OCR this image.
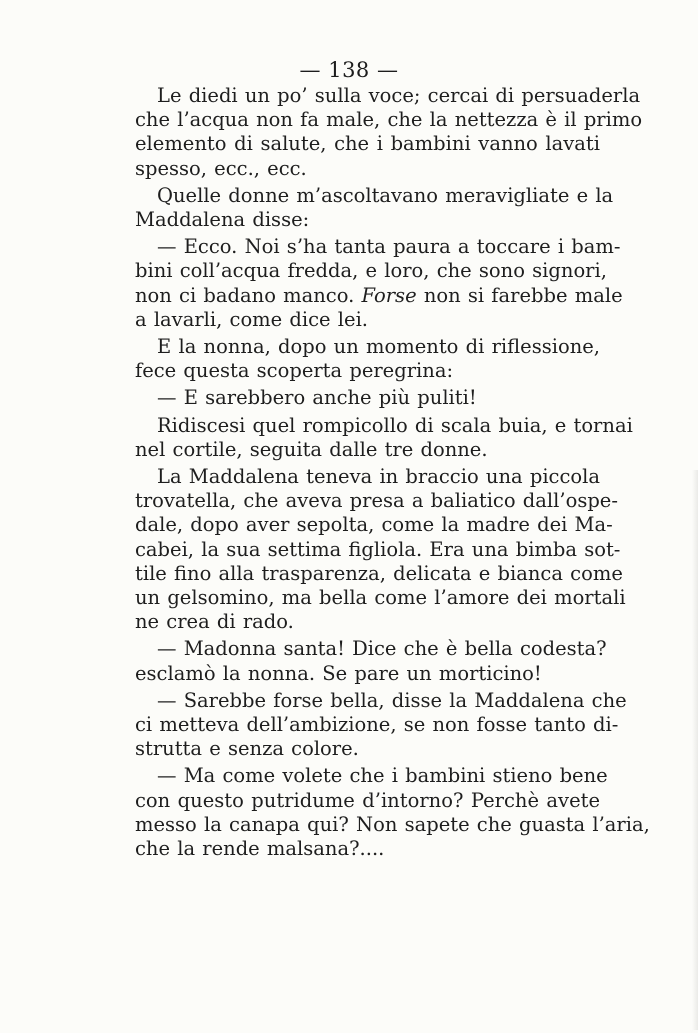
— 138 —

Le diedi un po’ sulla voce; cercai di persuaderla
che l’acqua non fa male, che la nettezza è il primo
elemento di salute, che i bambini vanno lavati
spesso, ecc., ecc.

Quelle donne m’ascoltavano meravigliate e la
Maddalena disse:

— Ecco. Noi s’ha tanta paura a toccare i bam-
bini coll’acqua fredda, e loro, che sono signori,
non ci badano manco. Forse non si farebbe male
a lavarli, come dice lei.

E la nonna, dopo un momento di riflessione,
fece questa scoperta peregrina:

— E sarebbero anche più puliti!

Ridiscesi quel rompicollo di scala buia, e tornai
nel cortile, seguita dalle tre donne.

La Maddalena teneva in braccio una piccola
trovatella, che aveva presa a baliatico dall’ospe-
dale, dopo aver sepolta, come la madre dei Ma-
cabei, la sua settima figliola. Era una bimba sot-
tile fino alla trasparenza, delicata e bianca come
un gelsomino, ma bella come l’amore dei mortali
ne crea di rado.

— Madonna santa! Dice che è bella codesta?
esclamò la nonna. Se pare un morticino!

— Sarebbe forse bella, disse la Maddalena che
ci metteva dell’ambizione, se non fosse tanto di-
strutta e senza colore.

— Ma come volete che i bambini stieno bene
con questo putridume d’intorno? Perchè avete
messo la canapa qui? Non sapete che guasta l’aria,
che la rende malsana?....
